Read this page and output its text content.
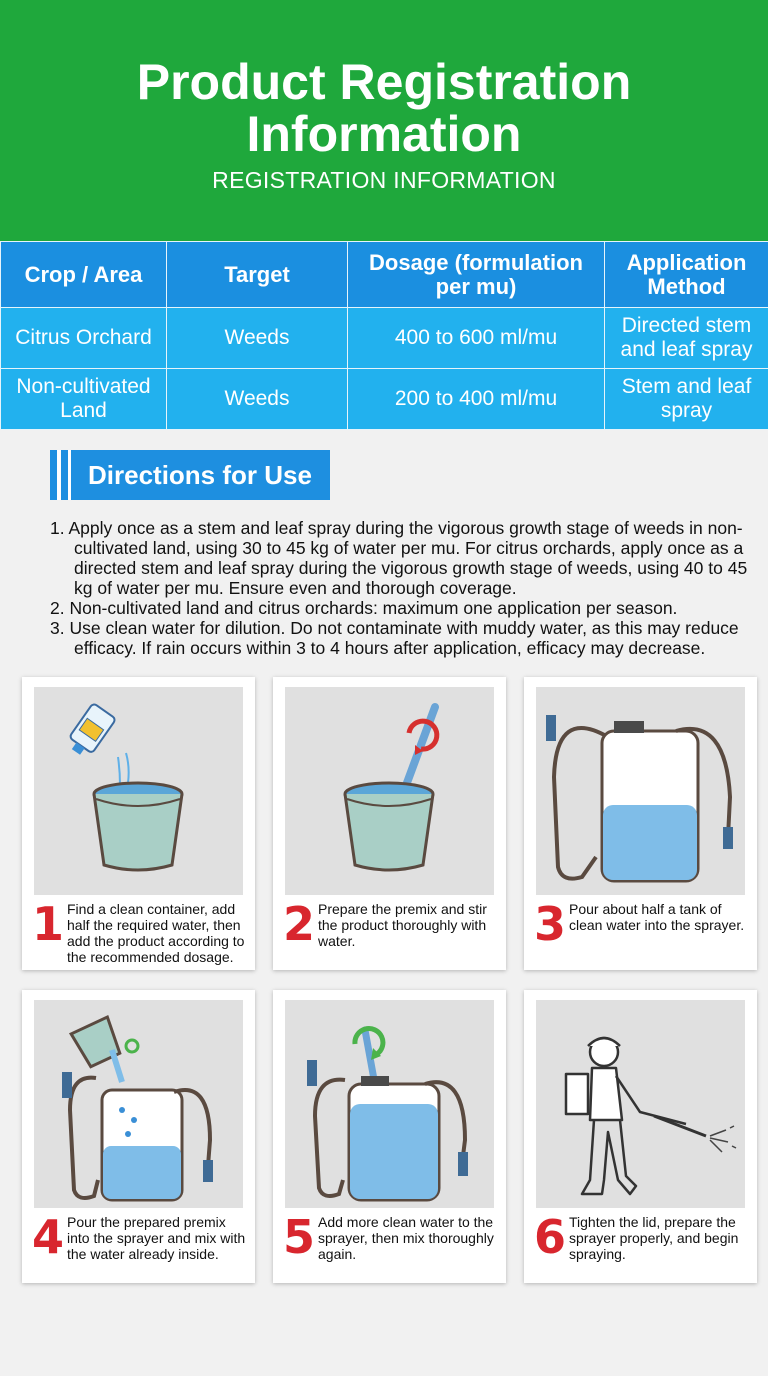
Product Registration Information
REGISTRATION INFORMATION
Crop / Area	Target	Dosage (formulation per mu)	Application Method
Citrus Orchard	Weeds	400 to 600 ml/mu	Directed stem and leaf spray
Non-cultivated Land	Weeds	200 to 400 ml/mu	Stem and leaf spray
Directions for Use
1. Apply once as a stem and leaf spray during the vigorous growth stage of weeds in non-cultivated land, using 30 to 45 kg of water per mu. For citrus orchards, apply once as a directed stem and leaf spray during the vigorous growth stage of weeds, using 40 to 45 kg of water per mu. Ensure even and thorough coverage.
2. Non-cultivated land and citrus orchards: maximum one application per season.
3. Use clean water for dilution. Do not contaminate with muddy water, as this may reduce efficacy. If rain occurs within 3 to 4 hours after application, efficacy may decrease.
1 Find a clean container, add half the required water, then add the product according to the recommended dosage.
2 Prepare the premix and stir the product thoroughly with water.	3 Pour about half a tank of clean water into the sprayer.
4 Pour the prepared premix into the sprayer and mix with the water already inside.	5 Add more clean water to the sprayer, then mix thoroughly again.	6 Tighten the lid, prepare the sprayer properly, and begin spraying.
